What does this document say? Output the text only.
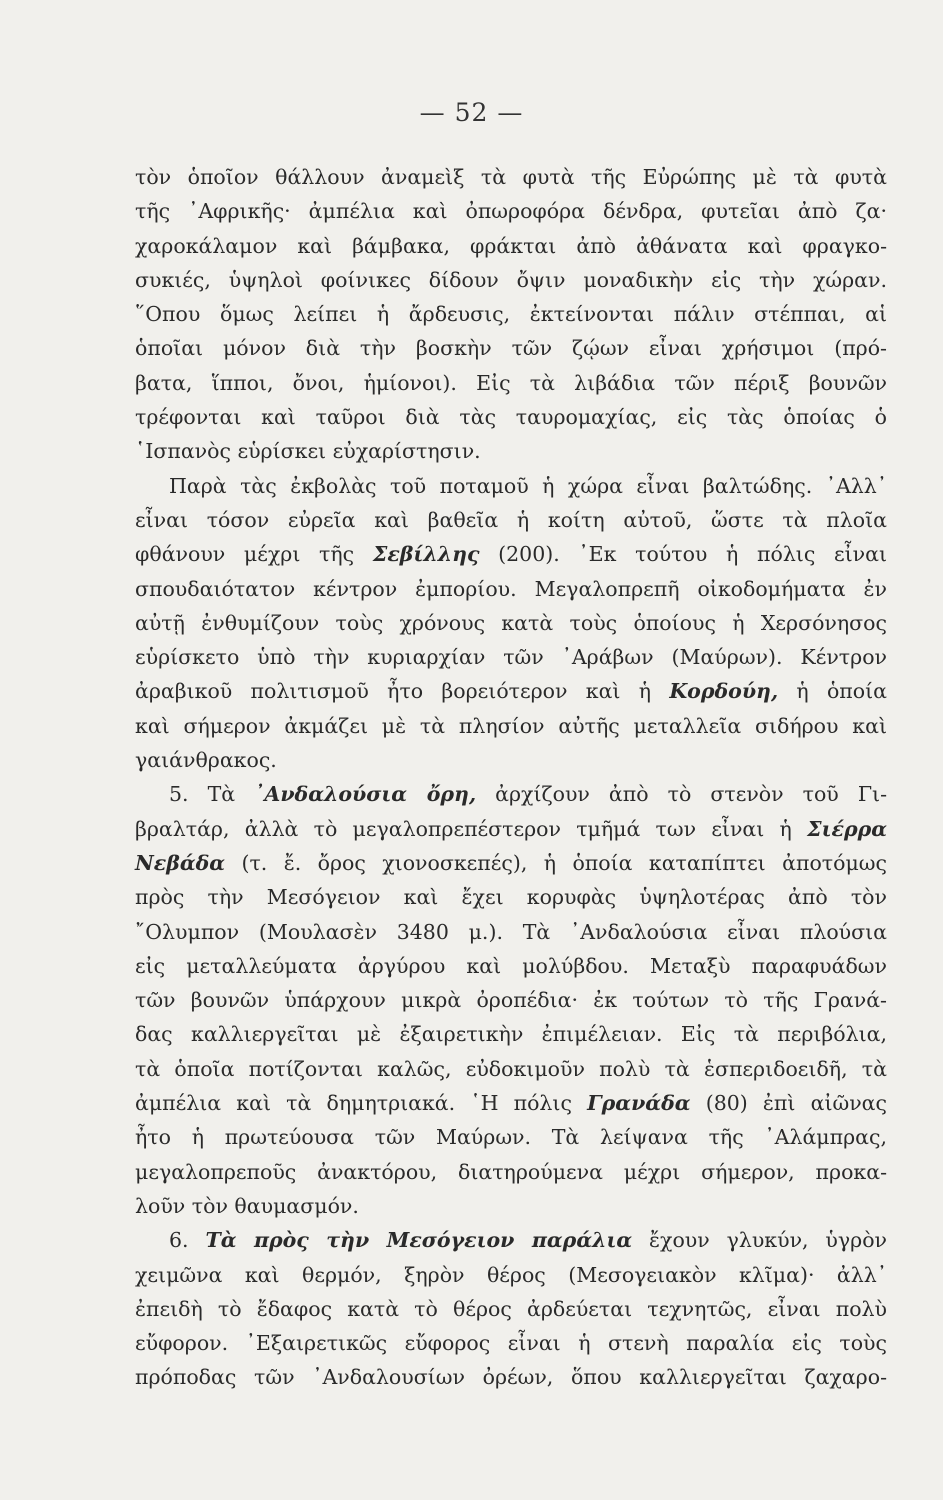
— 52 —
τὸν ὁποῖον θάλλουν ἀναμεὶξ τὰ φυτὰ τῆς Εὐρώπης μὲ τὰ φυτὰ
τῆς ᾿Αφρικῆς· ἀμπέλια καὶ ὀπωροφόρα δένδρα, φυτεῖαι ἀπὸ ζα·
χαροκάλαμον καὶ βάμβακα, φράκται ἀπὸ ἀθάνατα καὶ φραγκο-
συκιές, ὑψηλοὶ φοίνικες δίδουν ὄψιν μοναδικὴν εἰς τὴν χώραν.
῞Οπου ὅμως λείπει ἡ ἄρδευσις, ἐκτείνονται πάλιν στέππαι, αἱ
ὁποῖαι μόνον διὰ τὴν βοσκὴν τῶν ζῴων εἶναι χρήσιμοι (πρό-
βατα, ἵπποι, ὄνοι, ἡμίονοι). Εἰς τὰ λιβάδια τῶν πέριξ βουνῶν
τρέφονται καὶ ταῦροι διὰ τὰς ταυρομαχίας, εἰς τὰς ὁποίας ὁ
῾Ισπανὸς εὑρίσκει εὐχαρίστησιν.
Παρὰ τὰς ἐκβολὰς τοῦ ποταμοῦ ἡ χώρα εἶναι βαλτώδης. ᾿Αλλ᾿
εἶναι τόσον εὐρεῖα καὶ βαθεῖα ἡ κοίτη αὐτοῦ, ὥστε τὰ πλοῖα
φθάνουν μέχρι τῆς Σεβίλλης (200). ᾿Εκ τούτου ἡ πόλις εἶναι
σπουδαιότατον κέντρον ἐμπορίου. Μεγαλοπρεπῆ οἰκοδομήματα ἐν
αὐτῇ ἐνθυμίζουν τοὺς χρόνους κατὰ τοὺς ὁποίους ἡ Χερσόνησος
εὑρίσκετο ὑπὸ τὴν κυριαρχίαν τῶν ᾿Αράβων (Μαύρων). Κέντρον
ἀραβικοῦ πολιτισμοῦ ἦτο βορειότερον καὶ ἡ Κορδούη, ἡ ὁποία
καὶ σήμερον ἀκμάζει μὲ τὰ πλησίον αὐτῆς μεταλλεῖα σιδήρου καὶ
γαιάνθρακος.
5. Τὰ ᾿Ανδαλούσια ὄρη, ἀρχίζουν ἀπὸ τὸ στενὸν τοῦ Γι-
βραλτάρ, ἀλλὰ τὸ μεγαλοπρεπέστερον τμῆμά των εἶναι ἡ Σιέρρα
Νεβάδα (τ. ἔ. ὄρος χιονοσκεπές), ἡ ὁποία καταπίπτει ἀποτόμως
πρὸς τὴν Μεσόγειον καὶ ἔχει κορυφὰς ὑψηλοτέρας ἀπὸ τὸν
῎Ολυμπον (Μουλασὲν 3480 μ.). Τὰ ᾿Ανδαλούσια εἶναι πλούσια
εἰς μεταλλεύματα ἀργύρου καὶ μολύβδου. Μεταξὺ παραφυάδων
τῶν βουνῶν ὑπάρχουν μικρὰ ὀροπέδια· ἐκ τούτων τὸ τῆς Γρανά-
δας καλλιεργεῖται μὲ ἐξαιρετικὴν ἐπιμέλειαν. Εἰς τὰ περιβόλια,
τὰ ὁποῖα ποτίζονται καλῶς, εὐδοκιμοῦν πολὺ τὰ ἑσπεριδοειδῆ, τὰ
ἀμπέλια καὶ τὰ δημητριακά. ῾Η πόλις Γρανάδα (80) ἐπὶ αἰῶνας
ἦτο ἡ πρωτεύουσα τῶν Μαύρων. Τὰ λείψανα τῆς ᾿Αλάμπρας,
μεγαλοπρεποῦς ἀνακτόρου, διατηρούμενα μέχρι σήμερον, προκα-
λοῦν τὸν θαυμασμόν.
6. Τὰ πρὸς τὴν Μεσόγειον παράλια ἔχουν γλυκύν, ὑγρὸν
χειμῶνα καὶ θερμόν, ξηρὸν θέρος (Μεσογειακὸν κλῖμα)· ἀλλ᾿
ἐπειδὴ τὸ ἔδαφος κατὰ τὸ θέρος ἀρδεύεται τεχνητῶς, εἶναι πολὺ
εὔφορον. ᾿Εξαιρετικῶς εὔφορος εἶναι ἡ στενὴ παραλία εἰς τοὺς
πρόποδας τῶν ᾿Ανδαλουσίων ὀρέων, ὅπου καλλιεργεῖται ζαχαρο-
